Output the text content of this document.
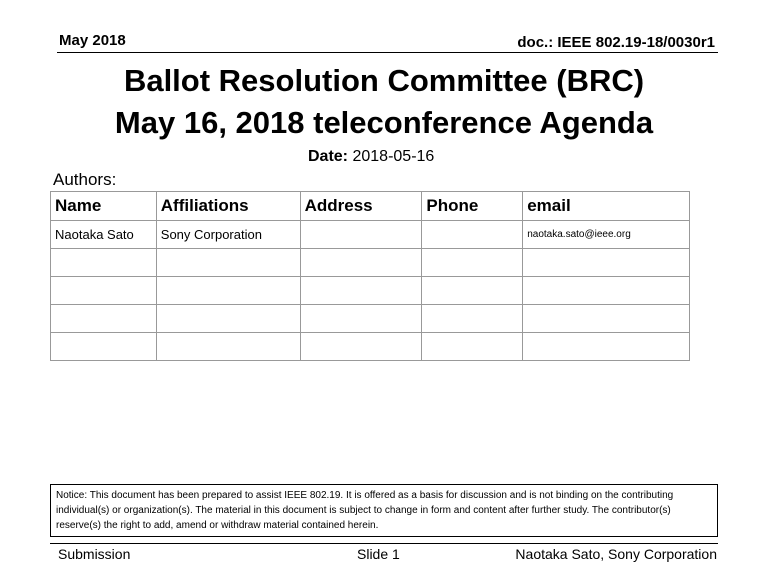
May 2018	doc.: IEEE 802.19-18/0030r1
Ballot Resolution Committee (BRC)
May 16, 2018 teleconference Agenda
Date: 2018-05-16
Authors:
Name	Affiliations	Address	Phone	email
Naotaka Sato	Sony Corporation			naotaka.sato@ieee.org

Notice: This document has been prepared to assist IEEE 802.19. It is offered as a basis for discussion and is not binding on the contributing individual(s) or organization(s). The material in this document is subject to change in form and content after further study. The contributor(s) reserve(s) the right to add, amend or withdraw material contained herein.
Submission	Slide 1	Naotaka Sato, Sony Corporation
